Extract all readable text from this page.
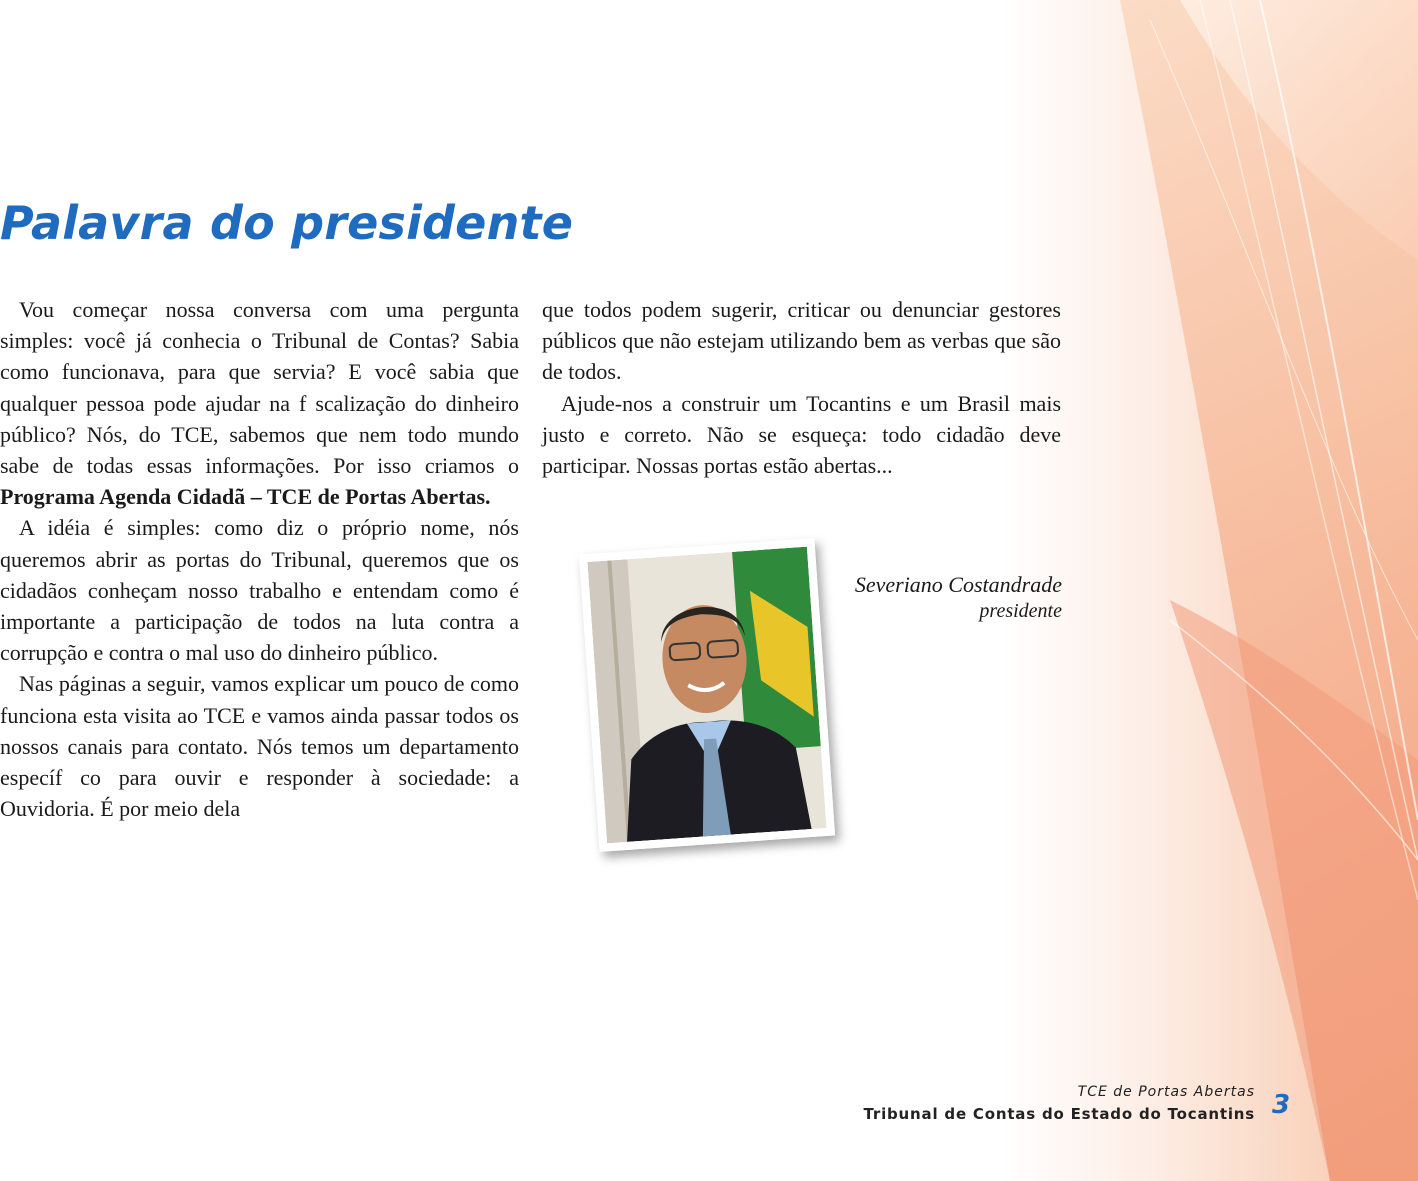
Palavra do presidente

Vou começar nossa conversa com uma pergunta simples: você já conhecia o Tribunal de Contas? Sabia como funcionava, para que servia? E você sabia que qualquer pessoa pode ajudar na f scalização do dinheiro público? Nós, do TCE, sabemos que nem todo mundo sabe de todas essas informações. Por isso criamos o Programa Agenda Cidadã – TCE de Portas Abertas.

A idéia é simples: como diz o próprio nome, nós queremos abrir as portas do Tribunal, queremos que os cidadãos conheçam nosso trabalho e entendam como é importante a participação de todos na luta contra a corrupção e contra o mal uso do dinheiro público.

Nas páginas a seguir, vamos explicar um pouco de como funciona esta visita ao TCE e vamos ainda passar todos os nossos canais para contato. Nós temos um departamento específ co para ouvir e responder à sociedade: a Ouvidoria. É por meio dela

que todos podem sugerir, criticar ou denunciar gestores públicos que não estejam utilizando bem as verbas que são de todos.

Ajude-nos a construir um Tocantins e um Brasil mais justo e correto. Não se esqueça: todo cidadão deve participar. Nossas portas estão abertas...

Severiano Costandrade
presidente
TCE de Portas Abertas
Tribunal de Contas do Estado do Tocantins 3
